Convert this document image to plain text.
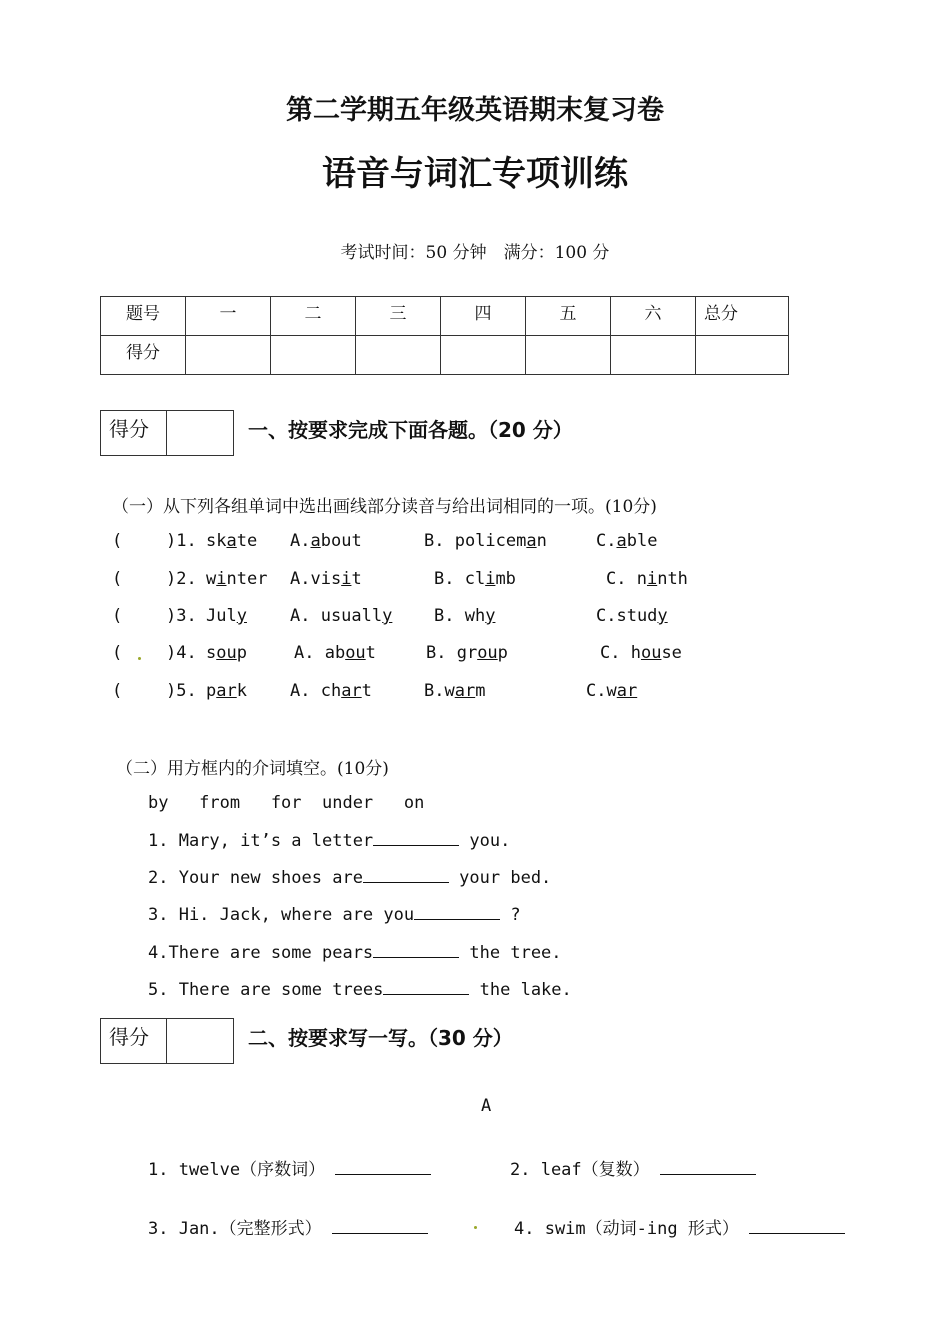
第二学期五年级英语期末复习卷
语音与词汇专项训练
考试时间：50 分钟　满分：100 分
题号	一	二	三	四	五	六	总分
得分							
得分	一、按要求完成下面各题。（20 分）
（一）从下列各组单词中选出画线部分读音与给出词相同的一项。(10分)
(	)1. skate A.about	B. policeman	C.able
(	)2. winter A.visit	B. climb	C. ninth
(	)3. July	A. usually B. why	C.study
(	)4. soup	A. about	B. group	C. house
(	)5. park	A. chart	B.warm	C.war
（二）用方框内的介词填空。(10分)
by   from   for  under   on
1. Mary, it’s a letter	you.
2. Your new shoes are	your bed.
3. Hi. Jack, where are you	?
4.There are some pears	the tree.
5. There are some trees	the lake.
得分	二、按要求写一写。（30 分）
A
1. twelve（序数词）	2. leaf（复数）
3. Jan.（完整形式）	4. swim（动词-ing 形式）
